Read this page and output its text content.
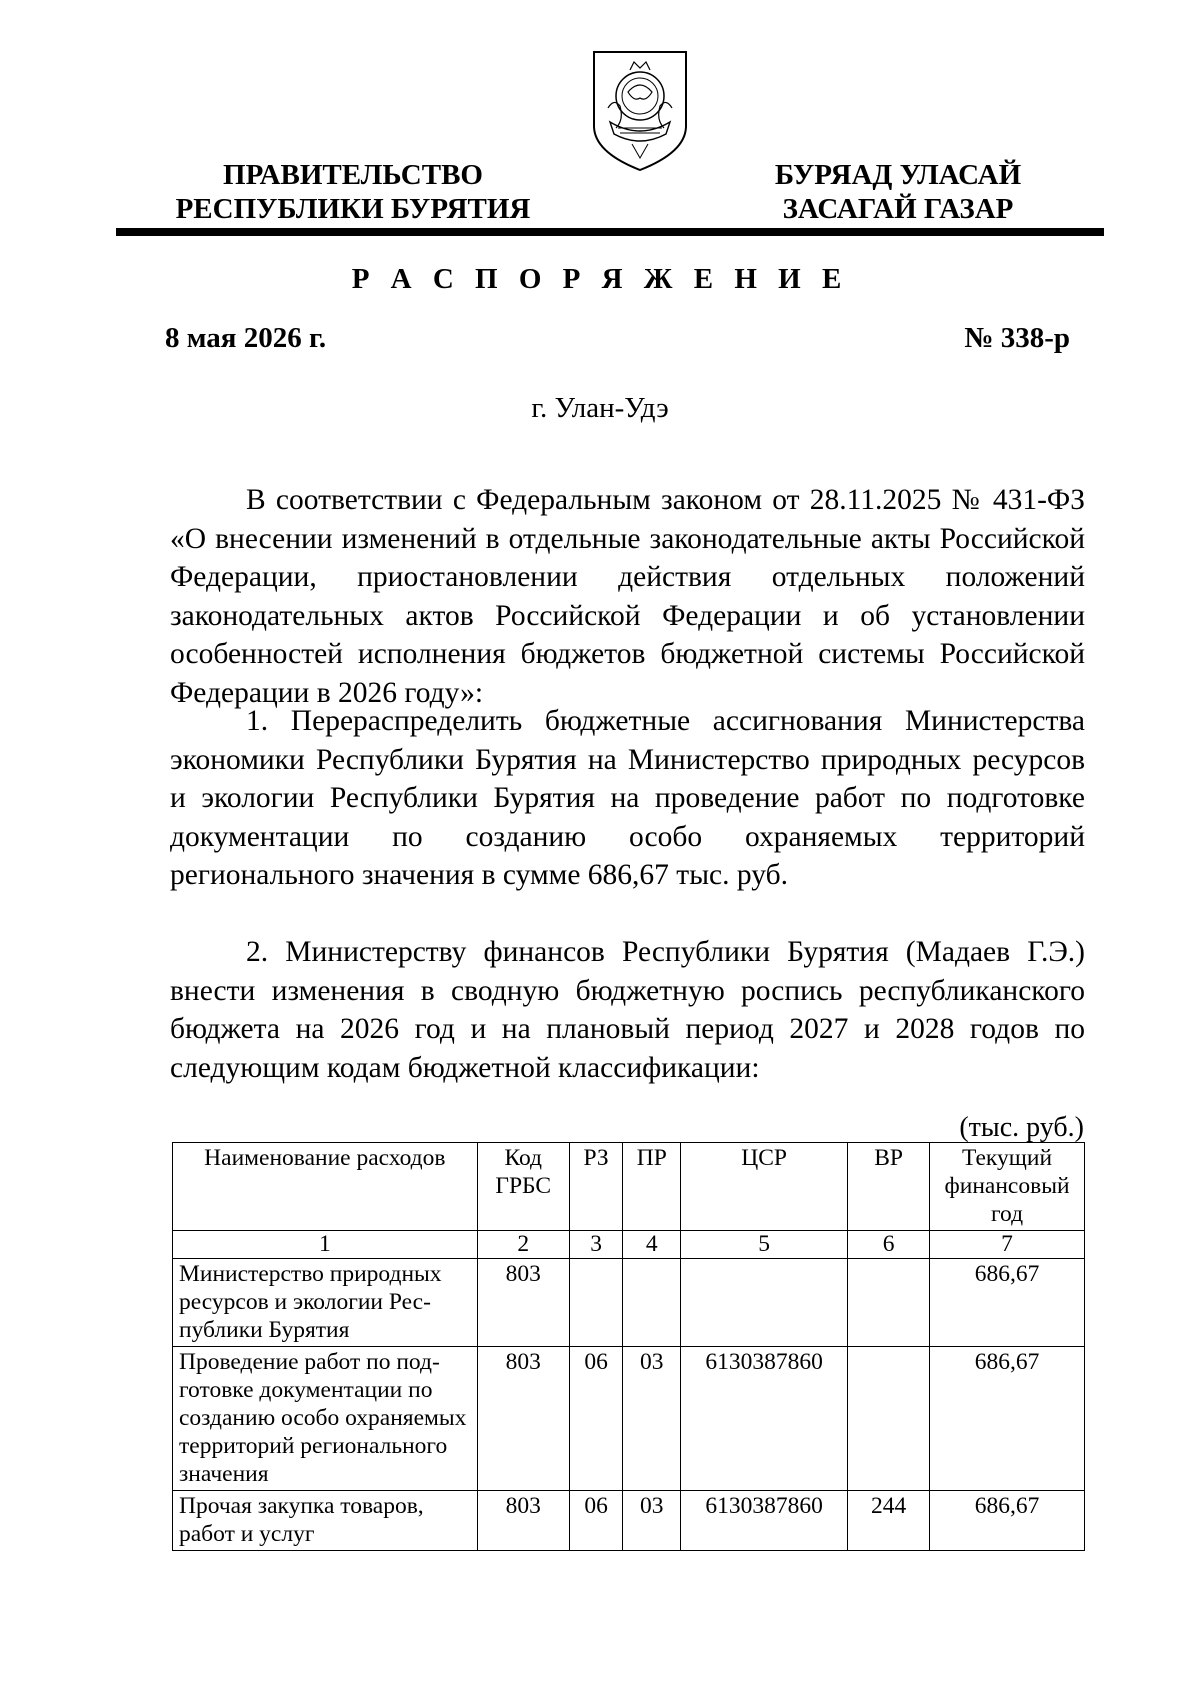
ПРАВИТЕЛЬСТВО
РЕСПУБЛИКИ БУРЯТИЯ
БУРЯАД УЛАСАЙ
ЗАСАГАЙ ГАЗАР
Р А С П О Р Я Ж Е Н И Е
8 мая 2026 г.	№ 338-р
г. Улан-Удэ

В соответствии с Федеральным законом от 28.11.2025 № 431-ФЗ «О внесении изменений в отдельные законодательные акты Российской Федерации, приостановлении действия отдельных положений законодательных актов Российской Федерации и об установлении особенностей исполнения бюджетов бюджетной системы Российской Федерации в 2026 году»:

1. Перераспределить бюджетные ассигнования Министерства экономики Республики Бурятия на Министерство природных ресурсов и экологии Республики Бурятия на проведение работ по подготовке документации по созданию особо охраняемых территорий регионального значения в сумме 686,67 тыс. руб.

2. Министерству финансов Республики Бурятия (Мадаев Г.Э.) внести изменения в сводную бюджетную роспись республиканского бюджета на 2026 год и на плановый период 2027 и 2028 годов по следующим кодам бюджетной классификации:

(тыс. руб.)
Наименование расходов	Код ГРБС	РЗ	ПР	ЦСР	ВР	Текущий финансовый год
1	2	3	4	5	6	7
Министерство природных ресурсов и экологии Республики Бурятия	803					686,67
Проведение работ по подготовке документации по созданию особо охраняемых территорий регионального значения	803	06	03	6130387860		686,67
Прочая закупка товаров, работ и услуг	803	06	03	6130387860	244	686,67
